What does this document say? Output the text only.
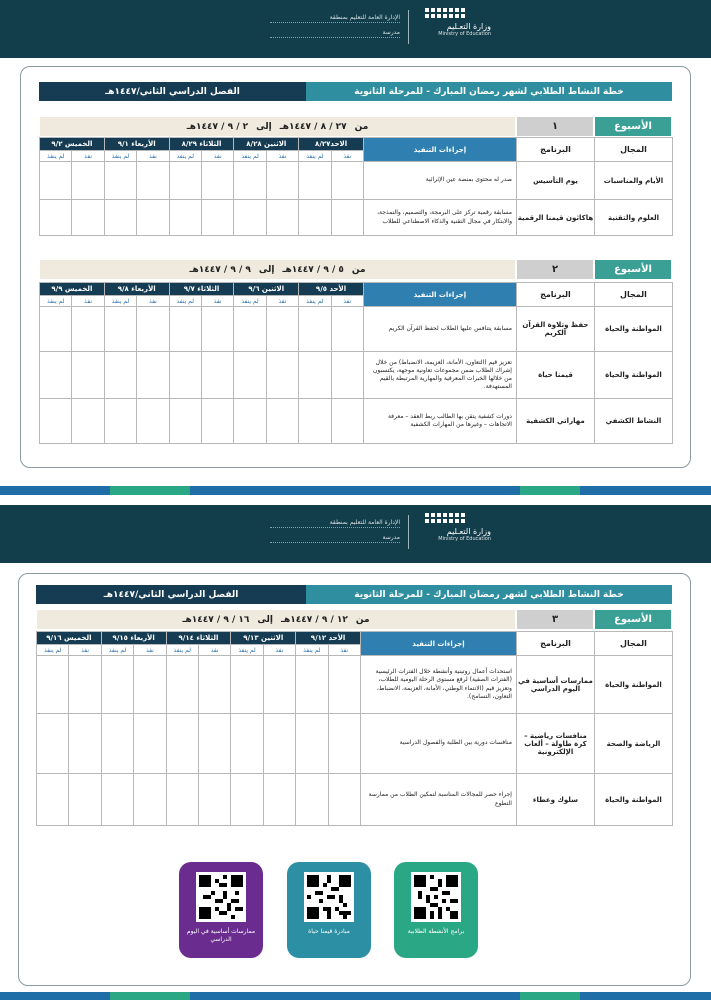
الإدارة العامة للتعليم بمنطقة
مدرسة
وزارة التعـليم
Ministry of Education
خطة النشاط الطلابي لشهر رمضان المبارك - للمرحلة الثانوية
الفصل الدراسي الثاني/١٤٤٧هـ
الأسبوع
١
من
٢٧ / ٨ / ١٤٤٧هـ
إلى
٢ / ٩ / ١٤٤٧هـ
المجال	البرنامج	إجراءات التنفيذ	الاحد٨/٢٧		الاثنين ٨/٢٨		الثلاثاء ٨/٢٩		الأربعاء ٩/١		الخميس ٩/٢	
			نفذ	لم ينفذ	نفذ	لم ينفذ	نفذ	لم ينفذ	نفذ	لم ينفذ	نفذ	لم ينفذ
الأيام والمناسبات	يوم التأسيس	صدر له محتوى بمنصة عين الإثرائية										
العلوم والتقنية	هاكاثون قيمنا الرقمية	مسابقة رقمية تركز على البرمجة، والتصميم، والنمذجة، والابتكار في مجال التقنية والذكاء الاصطناعي للطلاب										
الأسبوع
٢
من
٥ / ٩ / ١٤٤٧هـ
إلى
٩ / ٩ / ١٤٤٧هـ
المجال	البرنامج	إجراءات التنفيذ	الأحد ٩/٥		الاثنين ٩/٦		الثلاثاء ٩/٧		الأربعاء ٩/٨		الخميس ٩/٩	
			نفذ	لم ينفذ	نفذ	لم ينفذ	نفذ	لم ينفذ	نفذ	لم ينفذ	نفذ	لم ينفذ
المواطنة والحياة	حفظ وتلاوة القرآن الكريم	مسابقة يتنافس عليها الطلاب لحفظ القرآن الكريم										
المواطنة والحياة	قيمنا حياة	تعزيز قيم (التعاون، الأمانة، العزيمة، الانضباط) من خلال إشراك الطلاب ضمن مجموعات تعاونية موجهة، يكتسبون من خلالها الخبرات المعرفية والمهارية المرتبطة بالقيم المستهدفة.										
النشاط الكشفي	مهاراتي الكشفية	دورات كشفية يتقن بها الطالب ربط العقد – معرفة الاتجاهات – وغيرها من المهارات الكشفية										
الإدارة العامة للتعليم بمنطقة
مدرسة
وزارة التعـليم
Ministry of Education
خطة النشاط الطلابي لشهر رمضان المبارك - للمرحلة الثانوية
الفصل الدراسي الثاني/١٤٤٧هـ
الأسبوع
٣
من
١٢ / ٩ / ١٤٤٧هـ
إلى
١٦ / ٩ / ١٤٤٧هـ
المجال	البرنامج	إجراءات التنفيذ	الأحد ٩/١٢		الاثنين ٩/١٣		الثلاثاء ٩/١٤		الأربعاء ٩/١٥		الخميس ٩/١٦	
			نفذ	لم ينفذ	نفذ	لم ينفذ	نفذ	لم ينفذ	نفذ	لم ينفذ	نفذ	لم ينفذ
المواطنة والحياة	ممارسات أساسية في اليوم الدراسي	استحداث أعمال روتينية وأنشطة خلال الفترات الرئيسية (الفترات الصفية) لرفع مستوى الرحلة اليومية للطلاب، وتعزيز قيم (الانتماء الوطني، الأمانة، العزيمة، الانضباط، التعاون، التسامح).										
الرياضة والصحة	منافسات رياضية – كرة طاولة – ألعاب الإلكترونية	منافسات دورية بين الطلبة والفصول الدراسية										
المواطنة والحياة	سلوك وعطاء	إجراء حصر للمجالات المناسبة لتمكين الطلاب من ممارسة التطوع										
برامج الأنشطة الطلابية
مبادرة قيمنا حياة
ممارسات أساسية في اليوم الدراسي
